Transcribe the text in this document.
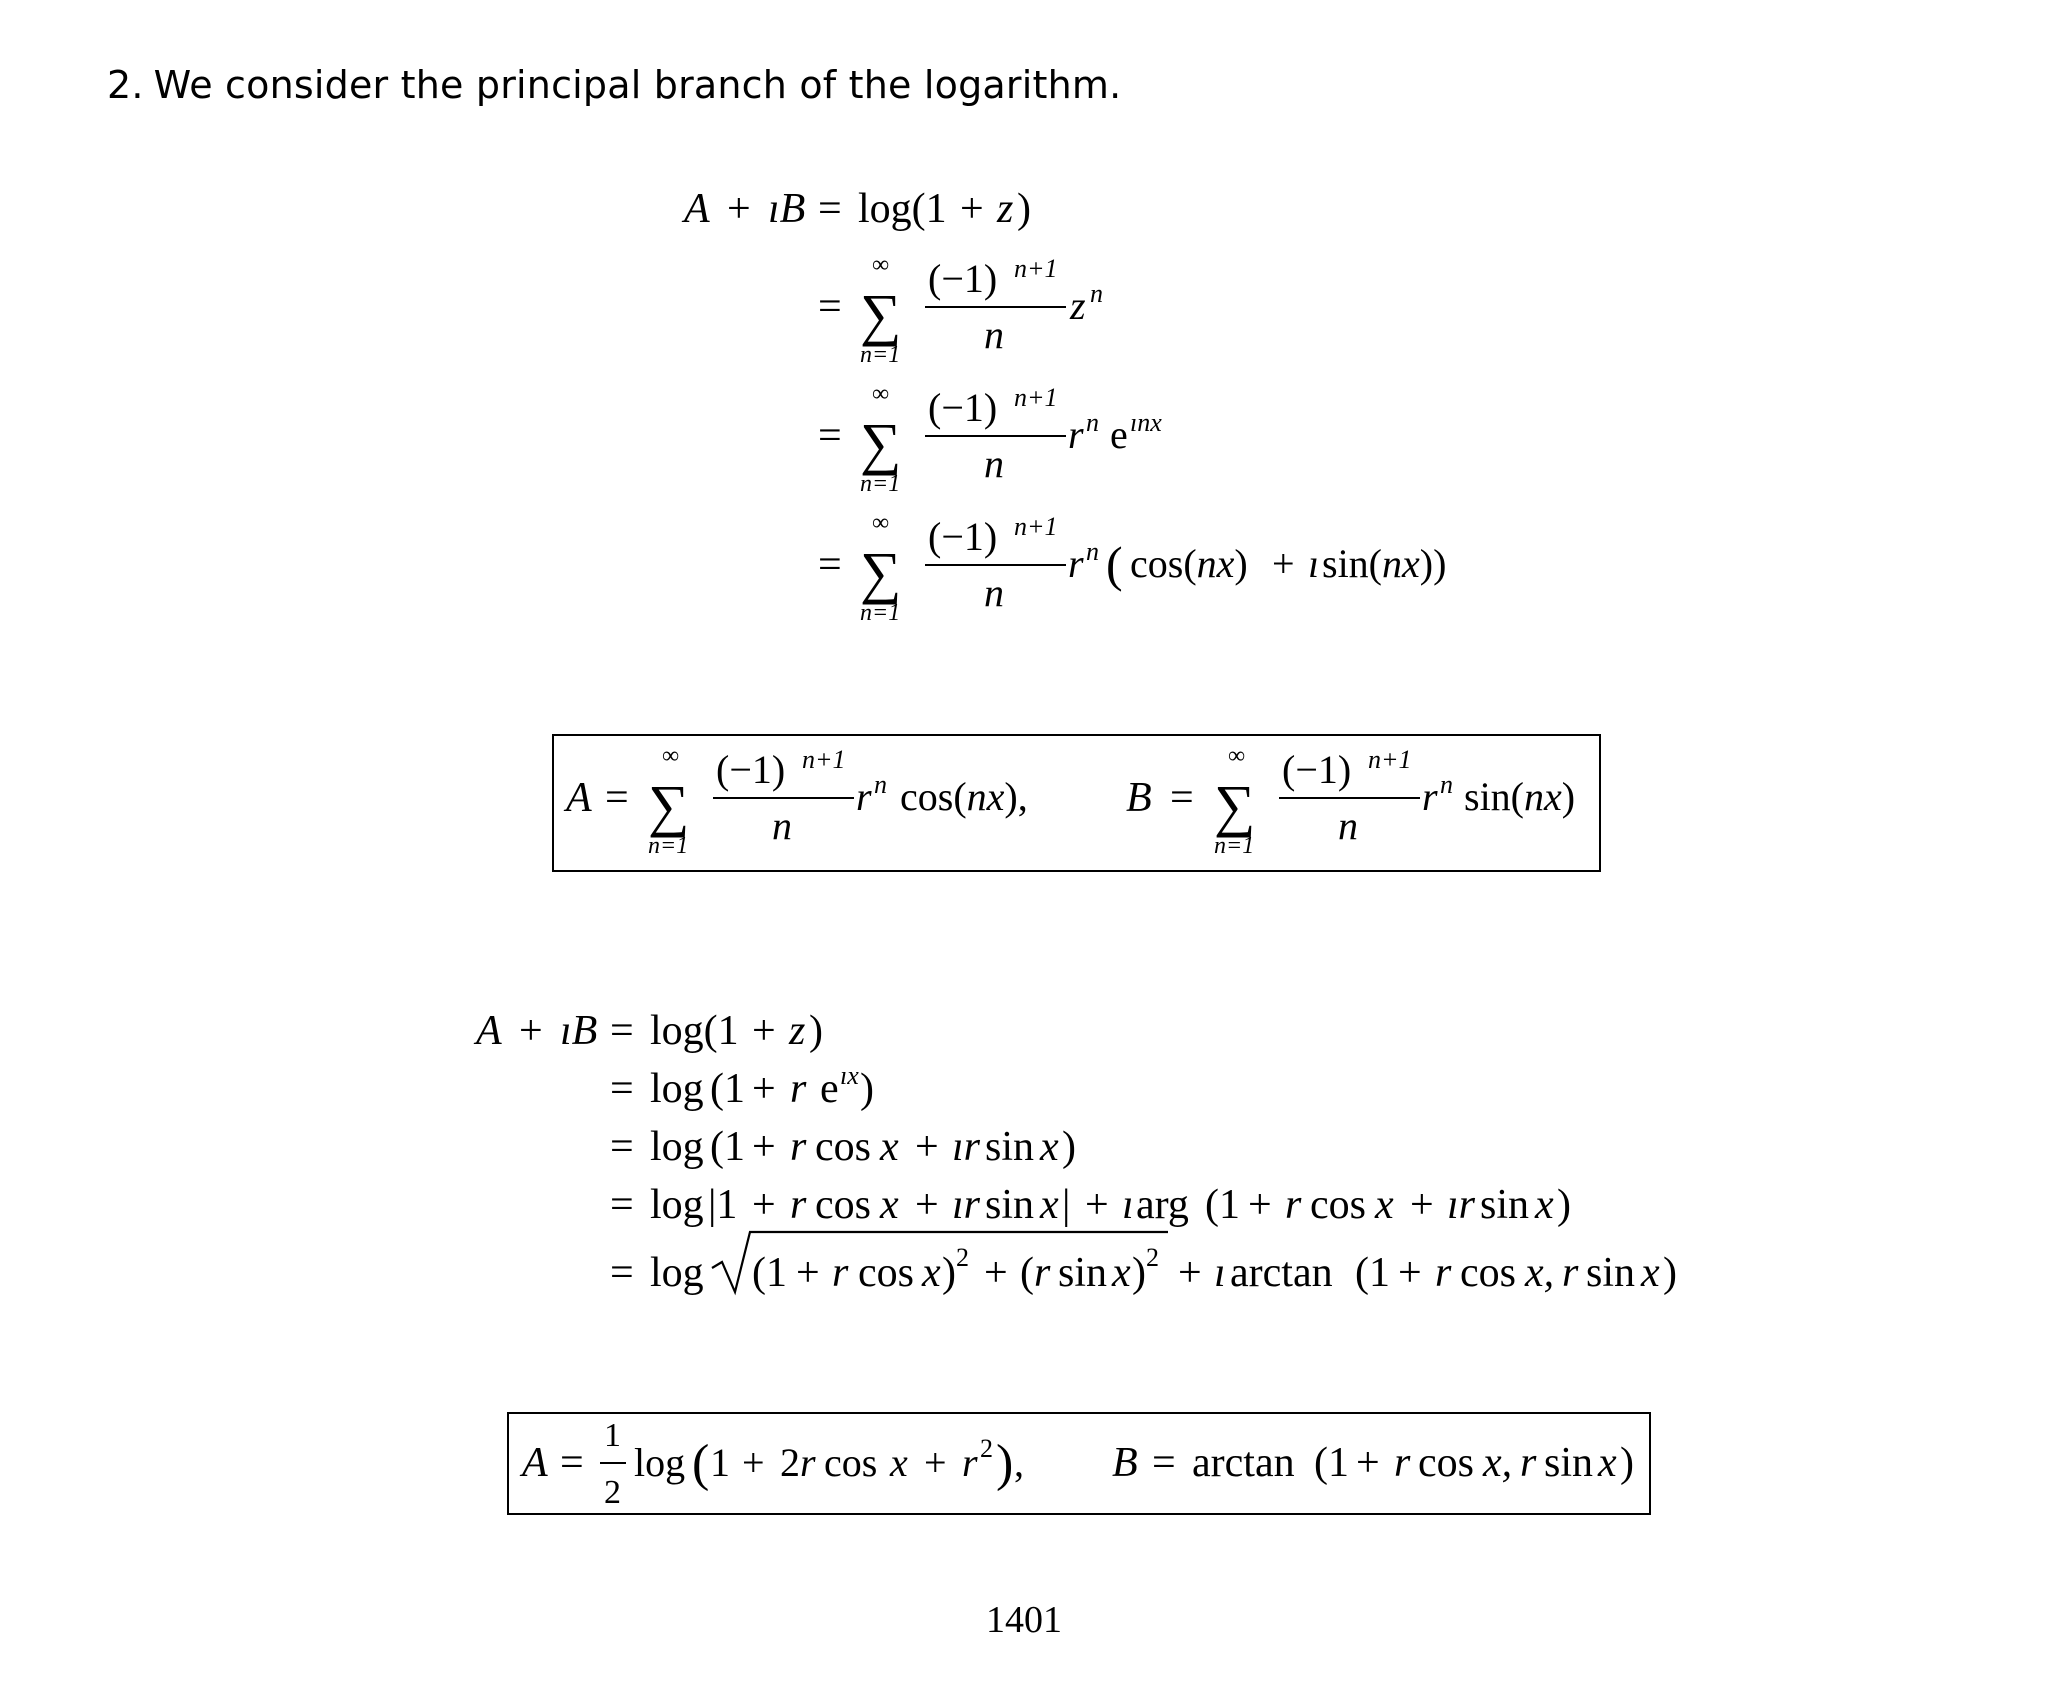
2. We consider the principal branch of the logarithm.
A + ıB = log(1 + z)
=
∞
∑
n=1
(−1) n+1
n
z n
=
∞
∑
n=1
(−1) n+1
n
r n e ınx
=
∞
∑
n=1
(−1) n+1
n
r n ( cos(nx) + ısin(nx))
A =
∞
∑
n=1
(−1) n+1
n
r n cos(nx), B =
∞
∑
n=1
(−1) n+1
n
r n sin(nx)
A + ıB = log(1 + z)
= log (1 + r e ıx )
= log (1 + r cos x + ır sin x)
= log |1 + r cos x + ır sin x| + ıarg (1 + r cos x + ır sin x)
= log (1 + r cos x) 2 + (r sin x) 2 + ı arctan (1 + r cos x, r sin x)
A =
1
2
log ( 1 + 2r cos x + r 2 ) , B = arctan (1 + r cos x, r sin x)
1401
